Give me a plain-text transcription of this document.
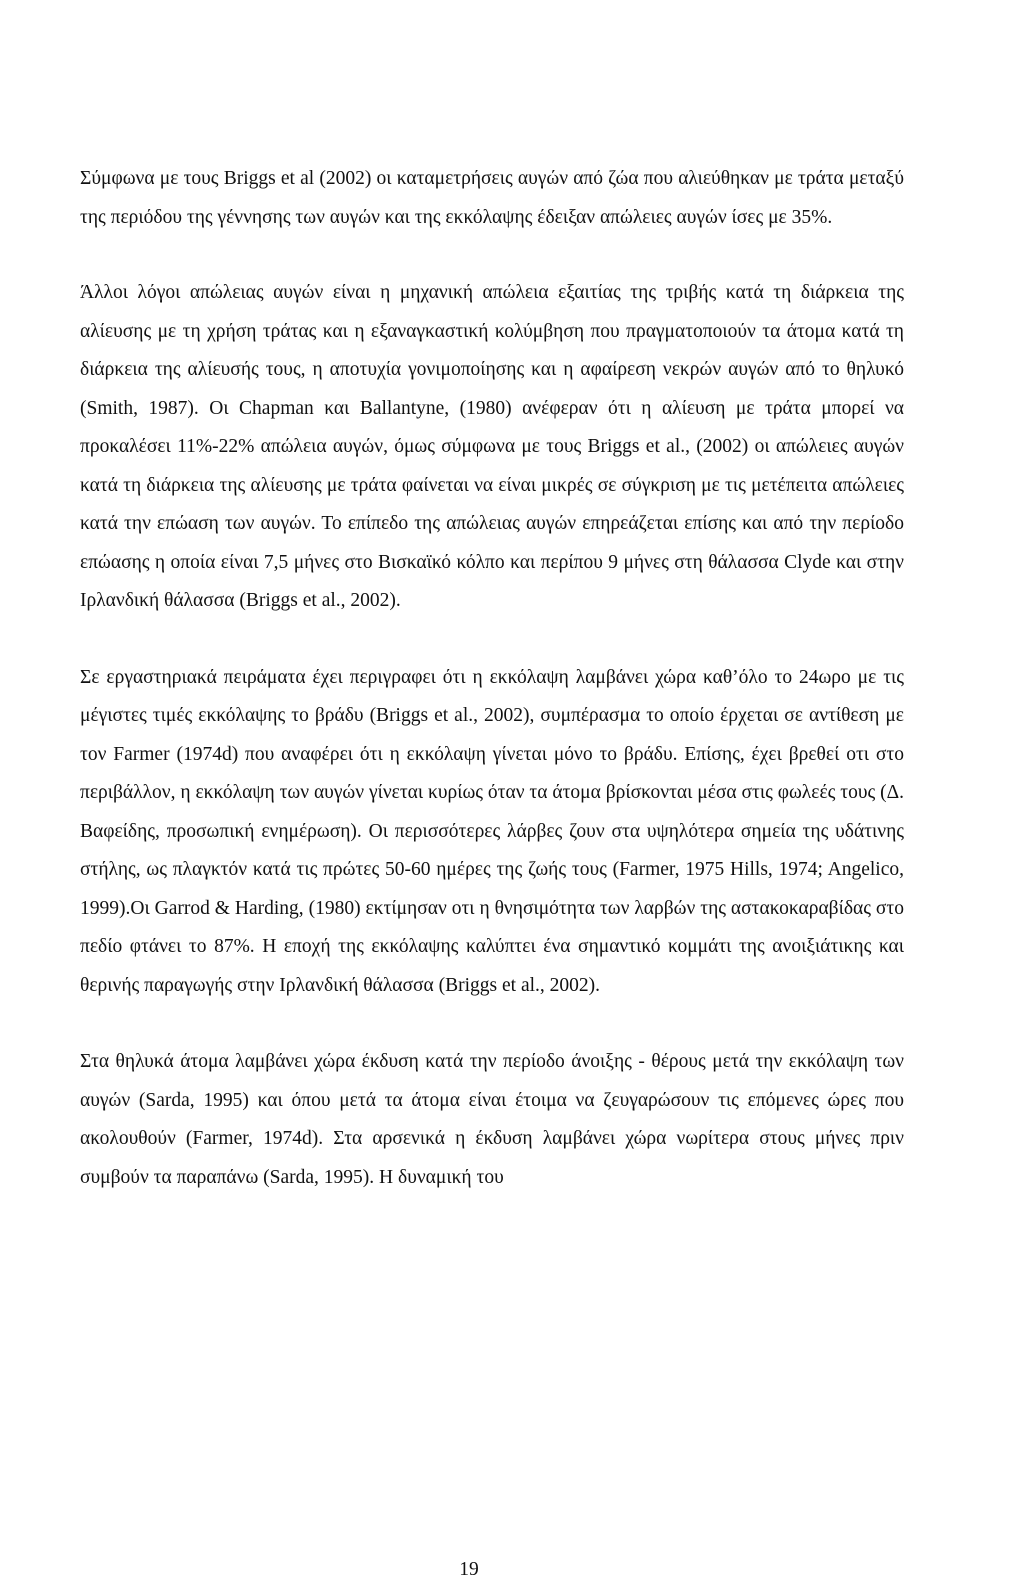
Σύμφωνα με τους Briggs et al (2002) οι καταμετρήσεις αυγών από ζώα που αλιεύθηκαν με τράτα μεταξύ της περιόδου της γέννησης των αυγών και της εκκόλαψης έδειξαν απώλειες αυγών ίσες με 35%.

Άλλοι λόγοι απώλειας αυγών είναι η μηχανική απώλεια εξαιτίας της τριβής κατά τη διάρκεια της αλίευσης με τη χρήση τράτας και η εξαναγκαστική κολύμβηση που πραγματοποιούν τα άτομα κατά τη διάρκεια της αλίευσής τους, η αποτυχία γονιμοποίησης και η αφαίρεση νεκρών αυγών από το θηλυκό (Smith, 1987). Οι Chapman και Ballantyne, (1980) ανέφεραν ότι η αλίευση με τράτα μπορεί να προκαλέσει 11%-22% απώλεια αυγών, όμως σύμφωνα με τους Briggs et al., (2002) οι απώλειες αυγών κατά τη διάρκεια της αλίευσης με τράτα φαίνεται να είναι μικρές σε σύγκριση με τις μετέπειτα απώλειες κατά την επώαση των αυγών. Το επίπεδο της απώλειας αυγών επηρεάζεται επίσης και από την περίοδο επώασης η οποία είναι 7,5 μήνες στο Βισκαϊκό κόλπο και περίπου 9 μήνες στη θάλασσα Clyde και στην Ιρλανδική θάλασσα (Briggs et al., 2002).

Σε εργαστηριακά πειράματα έχει περιγραφει ότι η εκκόλαψη λαμβάνει χώρα καθ’όλο το 24ωρο με τις μέγιστες τιμές εκκόλαψης το βράδυ (Briggs et al., 2002), συμπέρασμα το οποίο έρχεται σε αντίθεση με τον Farmer (1974d) που αναφέρει ότι η εκκόλαψη γίνεται μόνο το βράδυ. Επίσης, έχει βρεθεί οτι στο περιβάλλον, η εκκόλαψη των αυγών γίνεται κυρίως όταν τα άτομα βρίσκονται μέσα στις φωλεές τους (Δ. Βαφείδης, προσωπική ενημέρωση). Οι περισσότερες λάρβες ζουν στα υψηλότερα σημεία της υδάτινης στήλης, ως πλαγκτόν κατά τις πρώτες 50-60 ημέρες της ζωής τους (Farmer, 1975 Hills, 1974; Angelico, 1999).Οι Garrod & Harding, (1980) εκτίμησαν οτι η θνησιμότητα των λαρβών της αστακοκαραβίδας στο πεδίο φτάνει το 87%. Η εποχή της εκκόλαψης καλύπτει ένα σημαντικό κομμάτι της ανοιξιάτικης και θερινής παραγωγής στην Ιρλανδική θάλασσα (Briggs et al., 2002).

Στα θηλυκά άτομα λαμβάνει χώρα έκδυση κατά την περίοδο άνοιξης - θέρους μετά την εκκόλαψη των αυγών (Sarda, 1995) και όπου μετά τα άτομα είναι έτοιμα να ζευγαρώσουν τις επόμενες ώρες που ακολουθούν (Farmer, 1974d). Στα αρσενικά η έκδυση λαμβάνει χώρα νωρίτερα στους μήνες πριν συμβούν τα παραπάνω (Sarda, 1995). Η δυναμική του

19
